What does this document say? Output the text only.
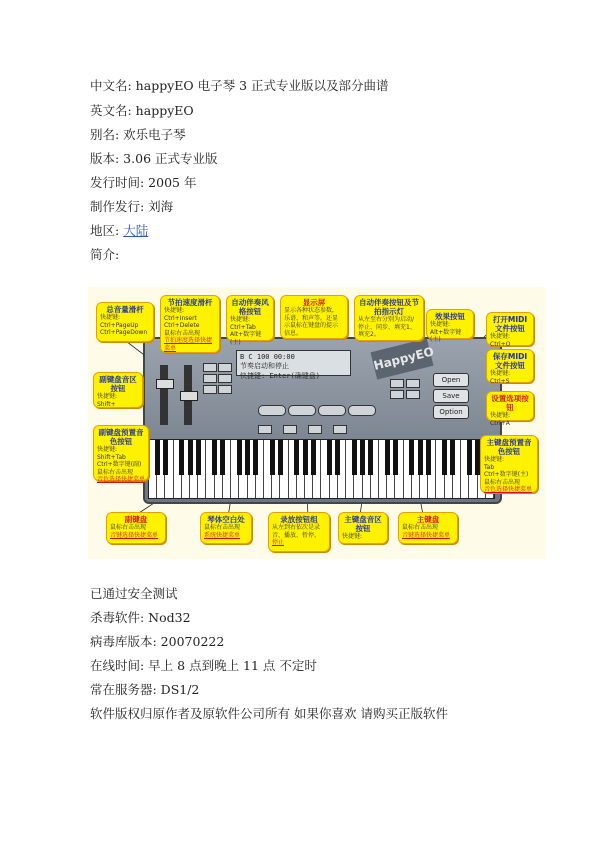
中文名: happyEO 电子琴 3 正式专业版以及部分曲谱
英文名: happyEO
别名: 欢乐电子琴
版本: 3.06 正式专业版
发行时间: 2005 年
制作发行: 刘海
地区: 大陆
简介:
B C 100 00:00
节奏启动和停止
快捷键: Enter(确键盘)
HappyEO
Open
Save
Option
总音量滑杆
快捷键:
Ctrl+PageUp
Ctrl+PageDown
节拍速度滑杆
快捷键:
Ctrl+Insert
Ctrl+Delete
鼠标右击出现

节拍速度选择快捷
菜单
自动伴奏风格按钮
快捷键:
Ctrl+Tab
Alt+数字键(主)
显示屏
显示各种状态参数,
乐谱、和声等。还显
示鼠标在键盘的提示
信息。
自动伴奏按钮及节拍指示灯
从左至右分别为启动/
停止、同步、填充1、
填充2。
效果按钮
快捷键:
Alt+数字键(主)
打开MIDI文件按钮
快捷键:
Ctrl+O
保存MIDI文件按钮
快捷键:
Ctrl+S
设置选项按钮
快捷键:
Ctrl+A
副键盘音区按钮
快捷键:
Shift+
副键盘预置音色按钮
快捷键:
Shift+Tab
Ctrl+数字键(副)
鼠标右击出现

音色选择快捷菜单
主键盘预置音色按钮
快捷键:
Tab
Ctrl+数字键(主)
鼠标右击出现

音色选择快捷菜单
副键盘
鼠标右击出现

音键选择快捷菜单
琴体空白处
鼠标右击出现

系统快捷菜单
录放按钮组
从左到右依次是录
音、播放、暂停、

停止
主键盘音区按钮
快捷键:
主键盘
鼠标右击出现

音键选择快捷菜单
已通过安全测试
杀毒软件: Nod32
病毒库版本: 20070222
在线时间: 早上 8 点到晚上 11 点 不定时
常在服务器: DS1/2
软件版权归原作者及原软件公司所有 如果你喜欢 请购买正版软件
